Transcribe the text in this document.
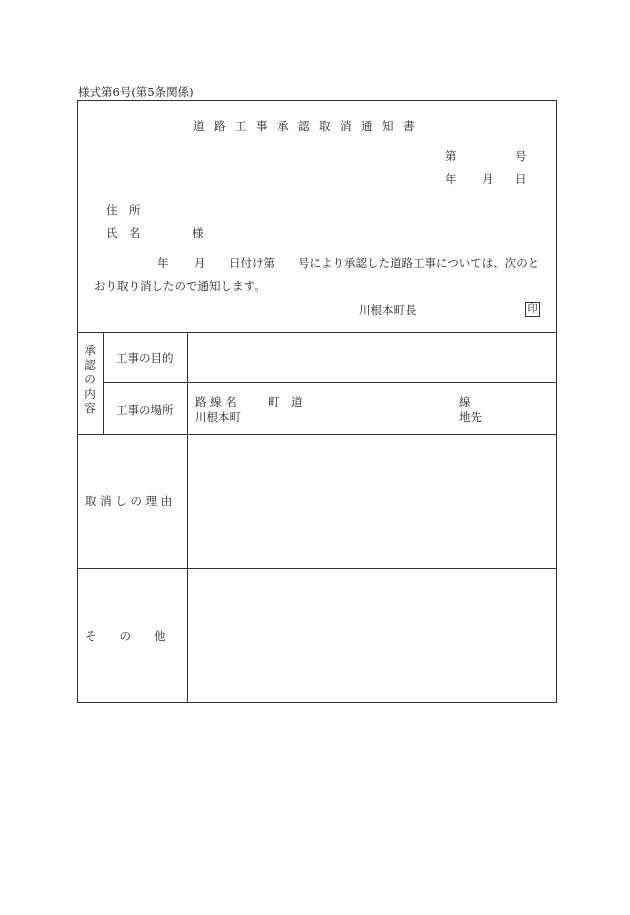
様式第6号(第5条関係)
道路工事承認取消通知書
第	号
年 月 日
住　所
氏　名	様
年 月 日付け第 号により承認した道路工事については、次のと
おり取り消したので通知します。
川根本町長	印
承
認
の
内
容
工事の目的
工事の場所
路 線 名	町　道	線
川根本町	地先
取 消 し の 理 由
そ　　の　　他
